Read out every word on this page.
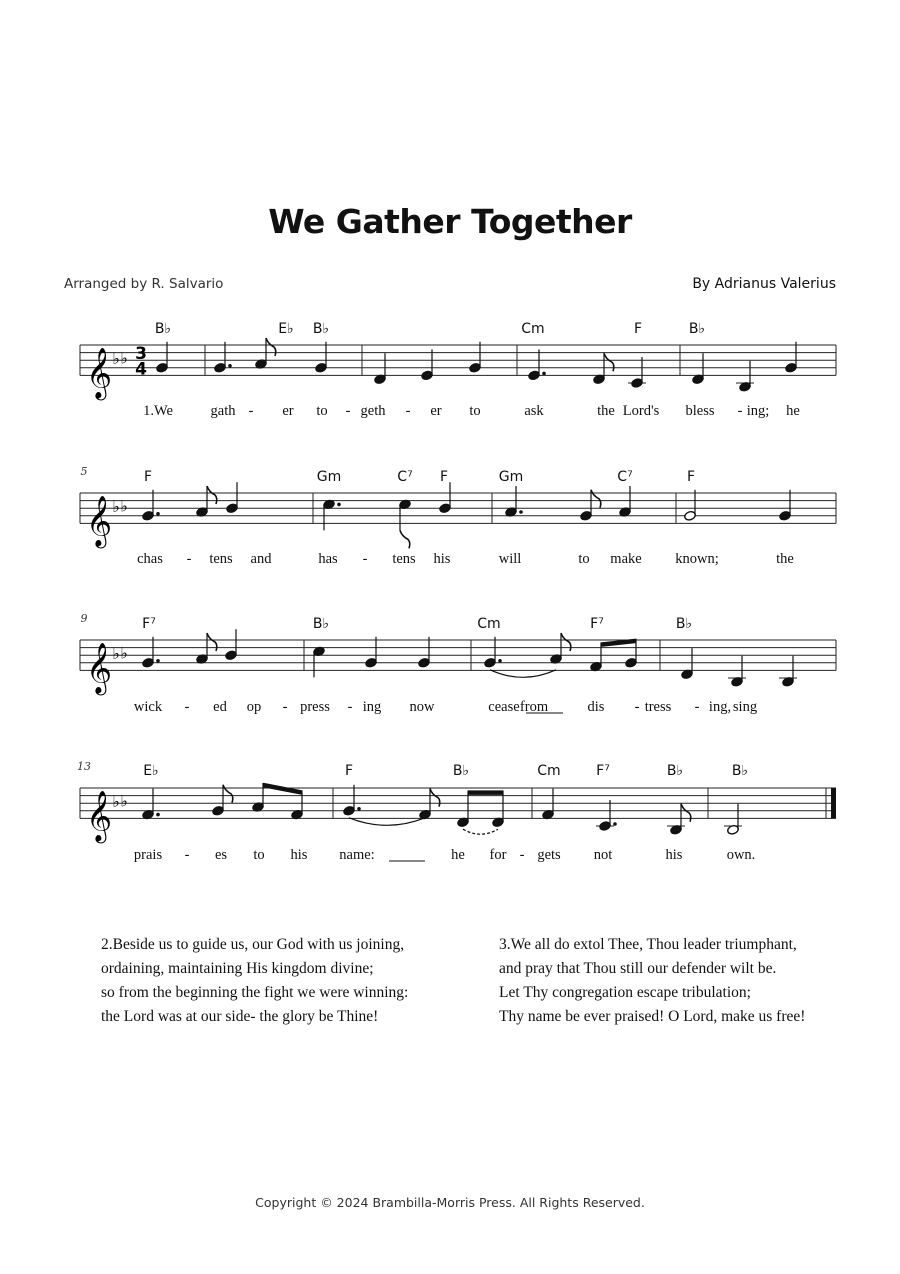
We Gather Together
Arranged by R. Salvario	By Adrianus Valerius
𝄞 ♭ ♭ 3
4
B♭	E♭ B♭	Cm	F	B♭
1.We	gath - er to - geth - er to	ask	the Lord's bless - ing; he
𝄞 ♭ ♭
5	F	Gm	C⁷ F	Gm	C⁷	F
chas - tens and	has - tens his	will	to make known;	the
𝄞 ♭ ♭
9	F⁷	B♭	Cm	F⁷	B♭
wick - ed op - press - ing now	cease from	dis - tress - ing, sing
𝄞 ♭ ♭
13	E♭	F	B♭	Cm	F⁷	B♭	B♭
prais - es to his name:	he for - gets not	his	own.
2.Beside us to guide us, our God with us joining,
ordaining, maintaining His kingdom divine;
so from the beginning the fight we were winning:
the Lord was at our side- the glory be Thine!
3.We all do extol Thee, Thou leader triumphant,
and pray that Thou still our defender wilt be.
Let Thy congregation escape tribulation;
Thy name be ever praised! O Lord, make us free!
Copyright © 2024 Brambilla-Morris Press. All Rights Reserved.
